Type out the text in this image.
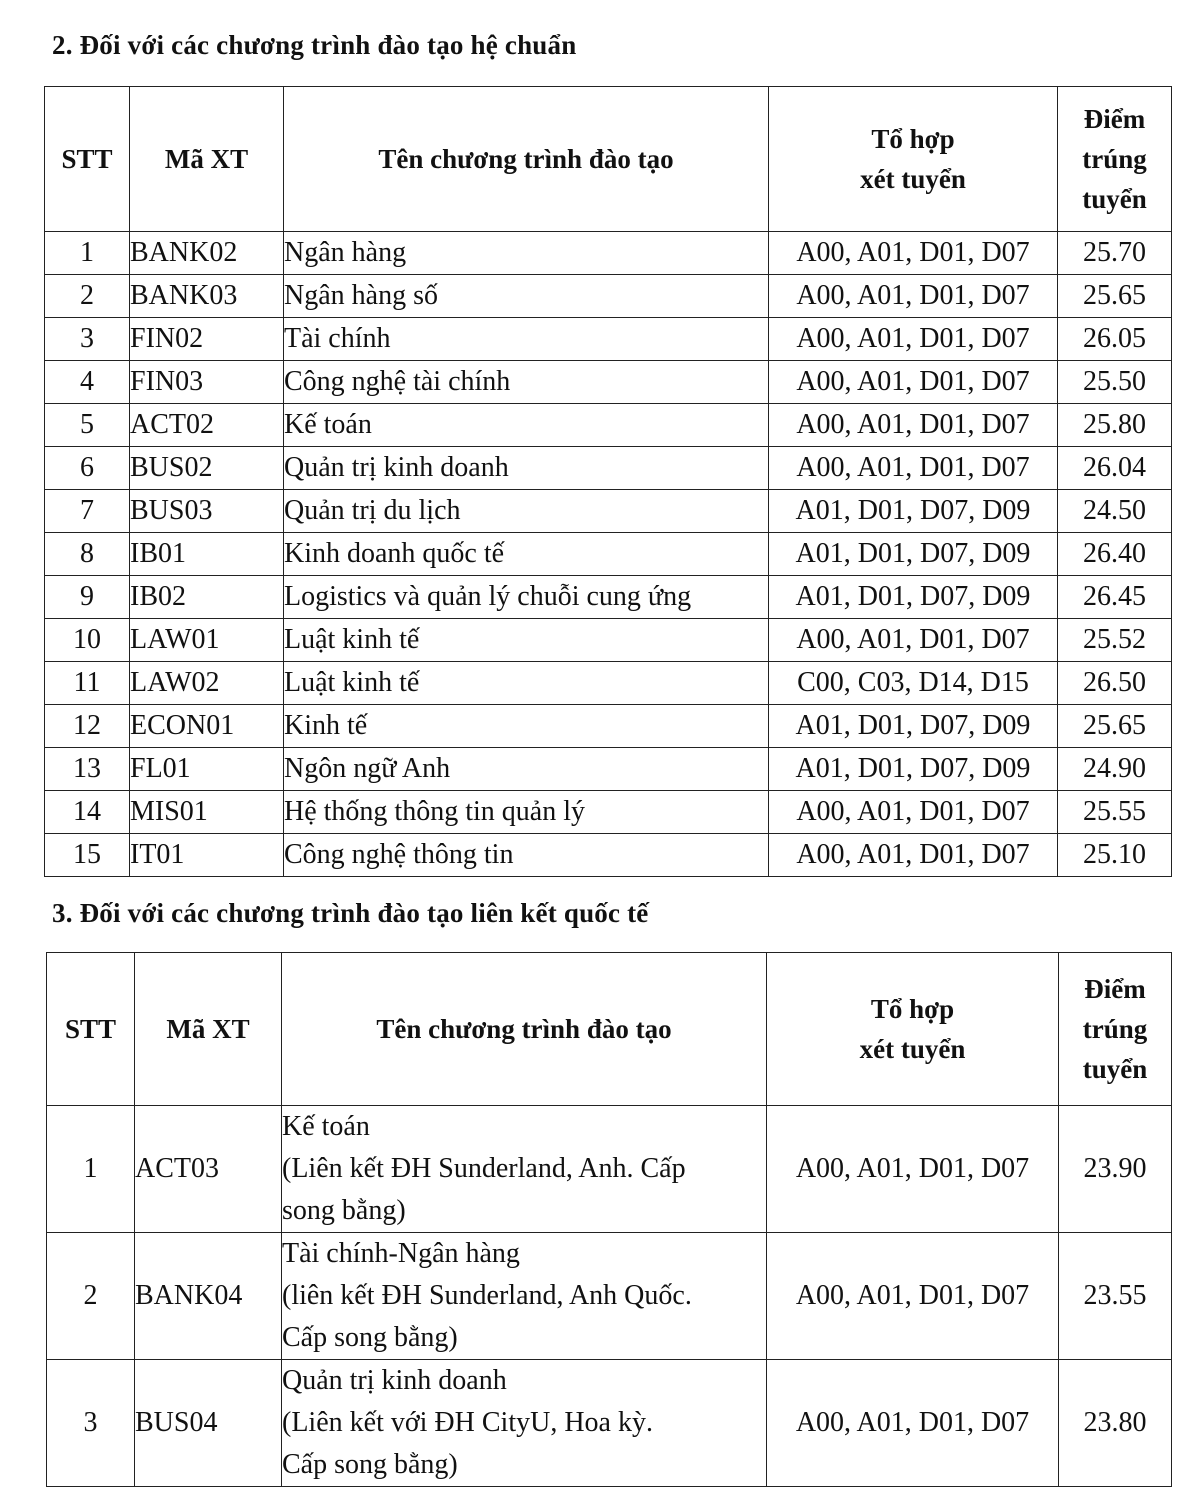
2. Đối với các chương trình đào tạo hệ chuẩn
STT	Mã XT	Tên chương trình đào tạo	Tổ hợp
xét tuyển	Điểm
trúng
tuyển

1	BANK02	Ngân hàng	A00, A01, D01, D07	25.70
2	BANK03	Ngân hàng số	A00, A01, D01, D07	25.65
3	FIN02	Tài chính	A00, A01, D01, D07	26.05
4	FIN03	Công nghệ tài chính	A00, A01, D01, D07	25.50
5	ACT02	Kế toán	A00, A01, D01, D07	25.80
6	BUS02	Quản trị kinh doanh	A00, A01, D01, D07	26.04
7	BUS03	Quản trị du lịch	A01, D01, D07, D09	24.50
8	IB01	Kinh doanh quốc tế	A01, D01, D07, D09	26.40
9	IB02	Logistics và quản lý chuỗi cung ứng	A01, D01, D07, D09	26.45
10	LAW01	Luật kinh tế	A00, A01, D01, D07	25.52
11	LAW02	Luật kinh tế	C00, C03, D14, D15	26.50
12	ECON01	Kinh tế	A01, D01, D07, D09	25.65
13	FL01	Ngôn ngữ Anh	A01, D01, D07, D09	24.90
14	MIS01	Hệ thống thông tin quản lý	A00, A01, D01, D07	25.55
15	IT01	Công nghệ thông tin	A00, A01, D01, D07	25.10
3. Đối với các chương trình đào tạo liên kết quốc tế
STT	Mã XT	Tên chương trình đào tạo	Tổ hợp
xét tuyển	Điểm
trúng
tuyển

1	ACT03	Kế toán
(Liên kết ĐH Sunderland, Anh. Cấp
song bằng)	A00, A01, D01, D07	23.90
2	BANK04	Tài chính-Ngân hàng
(liên kết ĐH Sunderland, Anh Quốc.
Cấp song bằng)	A00, A01, D01, D07	23.55
3	BUS04	Quản trị kinh doanh
(Liên kết với ĐH CityU, Hoa kỳ.
Cấp song bằng)	A00, A01, D01, D07	23.80
